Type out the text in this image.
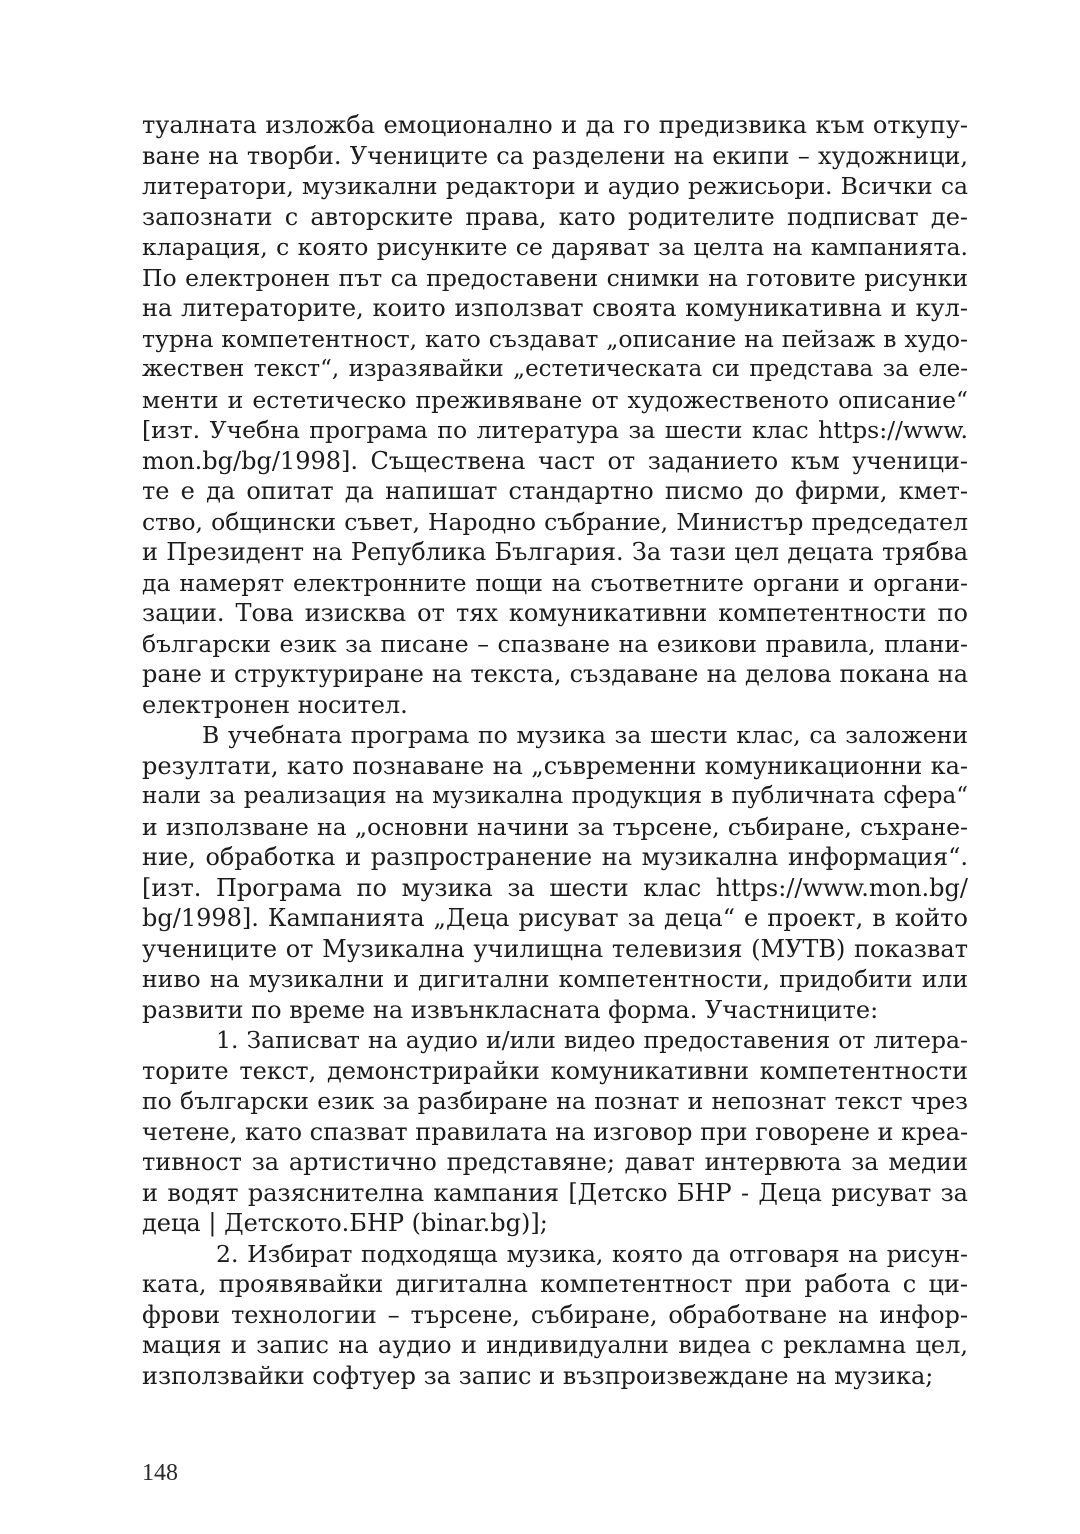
туалната изложба емоционално и да го предизвика към откупу-
ване на творби. Учениците са разделени на екипи – художници,
литератори, музикални редактори и аудио режисьори. Всички са
запознати с авторските права, като родителите подписват де-
кларация, с която рисунките се даряват за целта на кампанията.
По електронен път са предоставени снимки на готовите рисунки
на литераторите, които използват своята комуникативна и кул-
турна компетентност, като създават „описание на пейзаж в худо-
жествен текст“, изразявайки „естетическата си представа за еле-
менти и естетическо преживяване от художественото описание“
[изт. Учебна програма по литература за шести клас https://www.
mon.bg/bg/1998]. Съществена част от заданието към ученици-
те е да опитат да напишат стандартно писмо до фирми, кмет-
ство, общински съвет, Народно събрание, Министър председател
и Президент на Република България. За тази цел децата трябва
да намерят електронните пощи на съответните органи и органи-
зации. Това изисква от тях комуникативни компетентности по
български език за писане – спазване на езикови правила, плани-
ране и структуриране на текста, създаване на делова покана на
електронен носител.
В учебната програма по музика за шести клас, са заложени
резултати, като познаване на „съвременни комуникационни ка-
нали за реализация на музикална продукция в публичната сфера“
и използване на „основни начини за търсене, събиране, съхране-
ние, обработка и разпространение на музикална информация“.
[изт. Програма по музика за шести клас https://www.mon.bg/
bg/1998]. Кампанията „Деца рисуват за деца“ е проект, в който
учениците от Музикална училищна телевизия (МУТВ) показват
ниво на музикални и дигитални компетентности, придобити или
развити по време на извънкласната форма. Участниците:
1. Записват на аудио и/или видео предоставения от литера-
торите текст, демонстрирайки комуникативни компетентности
по български език за разбиране на познат и непознат текст чрез
четене, като спазват правилата на изговор при говорене и креа-
тивност за артистично представяне; дават интервюта за медии
и водят разяснителна кампания [Детско БНР - Деца рисуват за
деца | Детското.БНР (binar.bg)];
2. Избират подходяща музика, която да отговаря на рисун-
ката, проявявайки дигитална компетентност при работа с ци-
фрови технологии – търсене, събиране, обработване на инфор-
мация и запис на аудио и индивидуални видеа с рекламна цел,
използвайки софтуер за запис и възпроизвеждане на музика;
148
